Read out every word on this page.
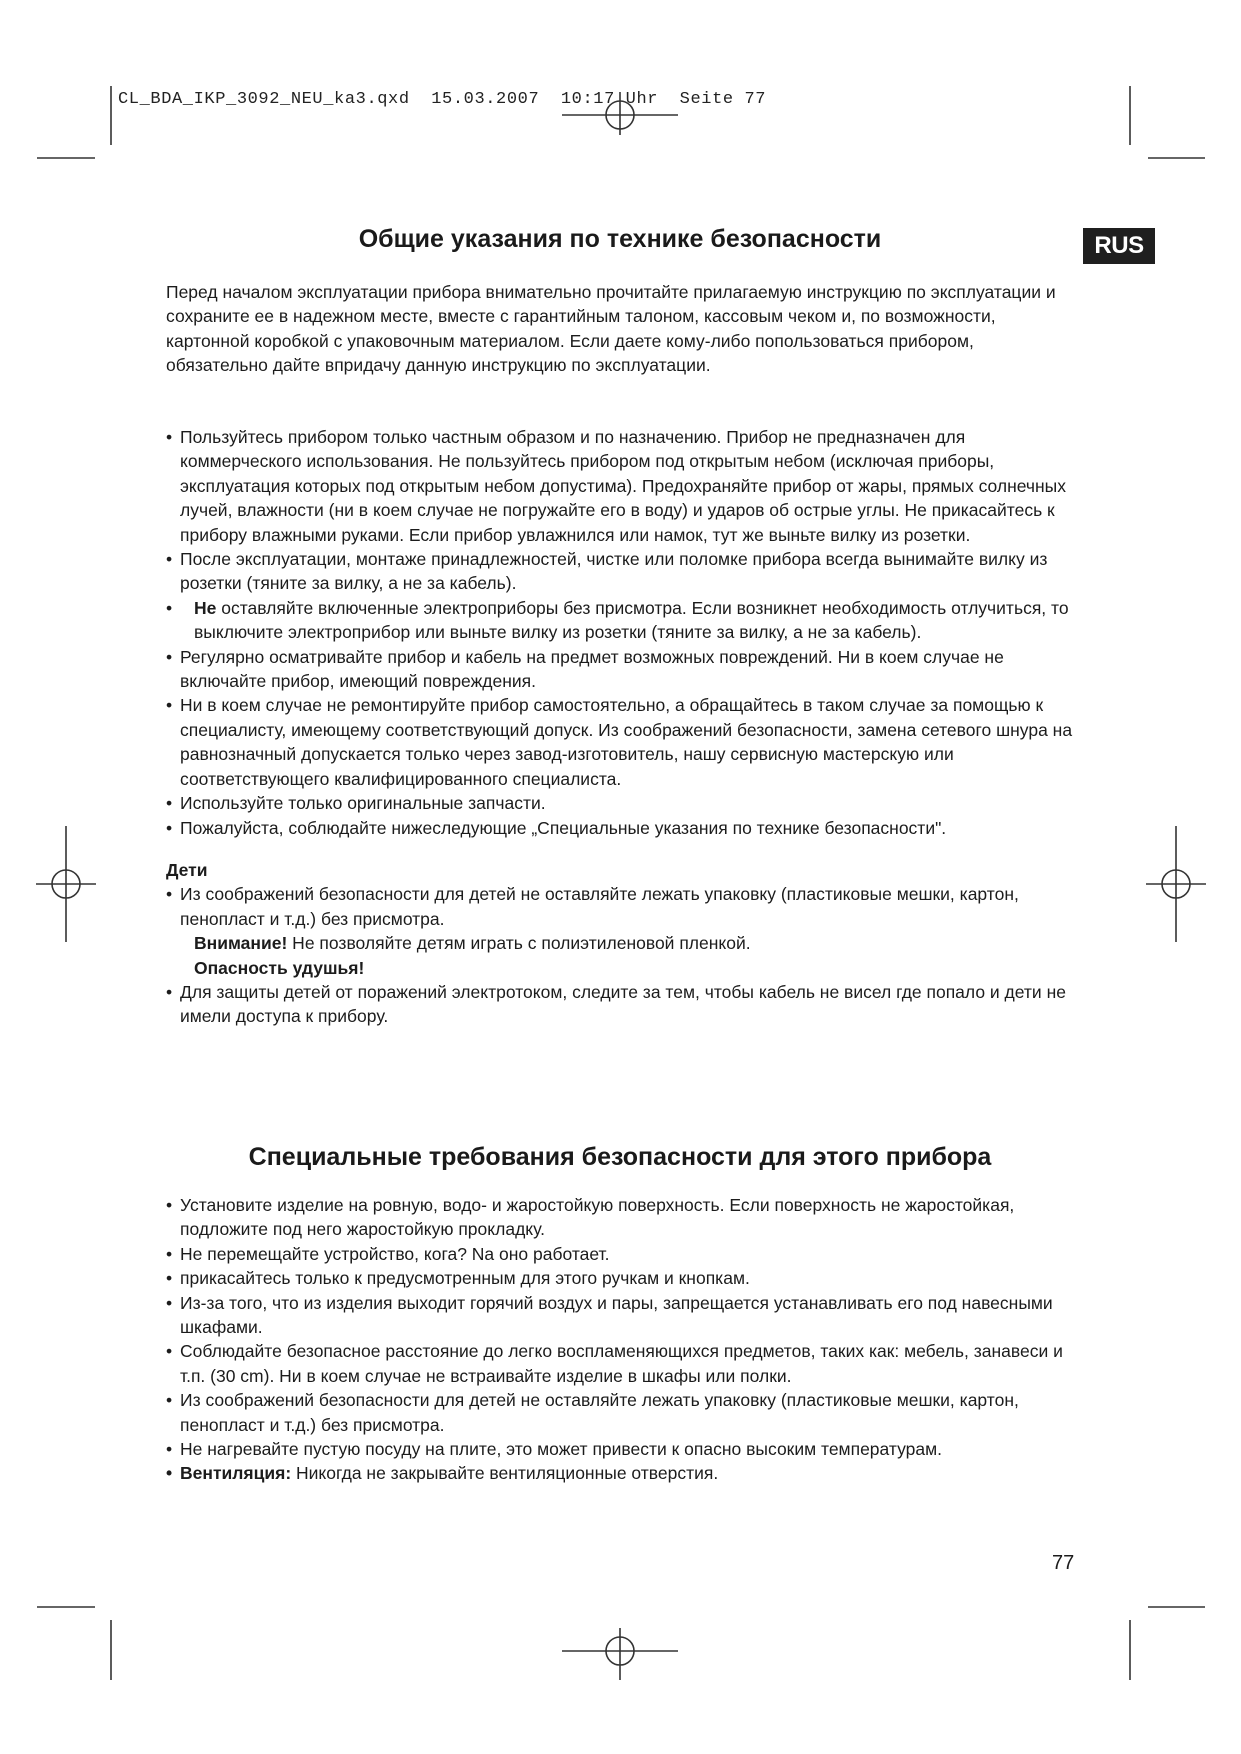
CL_BDA_IKP_3092_NEU_ka3.qxd  15.03.2007  10:17 Uhr  Seite 77
RUS
Общие указания по технике безопасности
Перед началом эксплуатации прибора внимательно прочитайте прилагаемую инструкцию по эксплуатации и сохраните ее в надежном месте, вместе с гарантийным талоном, кассовым чеком и, по возможности, картонной коробкой с упаковочным материалом. Если даете кому-либо попользоваться прибором, обязательно дайте впридачу данную инструкцию по эксплуатации.
• Пользуйтесь прибором только частным образом и по назначению. Прибор не предназначен для коммерческого использования. Не пользуйтесь прибором под открытым небом (исключая приборы, эксплуатация которых под открытым небом допустима). Предохраняйте прибор от жары, прямых солнечных лучей, влажности (ни в коем случае не погружайте его в воду) и ударов об острые углы. Не прикасайтесь к прибору влажными руками. Если прибор увлажнился или намок, тут же выньте вилку из розетки.
• После эксплуатации, монтаже принадлежностей, чистке или поломке прибора всегда вынимайте вилку из розетки (тяните за вилку, а не за кабель).
• Не оставляйте включенные электроприборы без присмотра. Если возникнет необходимость отлучиться, то выключите электроприбор или выньте вилку из розетки (тяните за вилку, а не за кабель).
• Регулярно осматривайте прибор и кабель на предмет возможных повреждений. Ни в коем случае не включайте прибор, имеющий повреждения.
• Ни в коем случае не ремонтируйте прибор самостоятельно, а обращайтесь в таком случае за помощью к специалисту, имеющему соответствующий допуск. Из соображений безопасности, замена сетевого шнура на равнозначный допускается только через завод-изготовитель, нашу сервисную мастерскую или соответствующего квалифицированного специалиста.
• Используйте только оригинальные запчасти.
• Пожалуйста, соблюдайте нижеследующие „Специальные указания по технике безопасности".
Дети
• Из соображений безопасности для детей не оставляйте лежать упаковку (пластиковые мешки, картон, пенопласт и т.д.) без присмотра.
Внимание! Не позволяйте детям играть с полиэтиленовой пленкой.
Опасность удушья!
• Для защиты детей от поражений электротоком, следите за тем, чтобы кабель не висел где попало и дети не имели доступа к прибору.
Специальные требования безопасности для этого прибора
• Установите изделие на ровную, водо- и жаростойкую поверхность. Если поверхность не жаростойкая, подложите под него жаростойкую прокладку.
• Не перемещайте устройство, кога? Na оно работает.
• прикасайтесь только к предусмотренным для этого ручкам и кнопкам.
• Из-за того, что из изделия выходит горячий воздух и пары, запрещается устанавливать его под навесными шкафами.
• Соблюдайте безопасное расстояние до легко воспламеняющихся предметов, таких как: мебель, занавеси и т.п. (30 cm). Ни в коем случае не встраивайте изделие в шкафы или полки.
• Из соображений безопасности для детей не оставляйте лежать упаковку (пластиковые мешки, картон, пенопласт и т.д.) без присмотра.
• Не нагревайте пустую посуду на плите, это может привести к опасно высоким температурам.
• Вентиляция: Никогда не закрывайте вентиляционные отверстия.
77
